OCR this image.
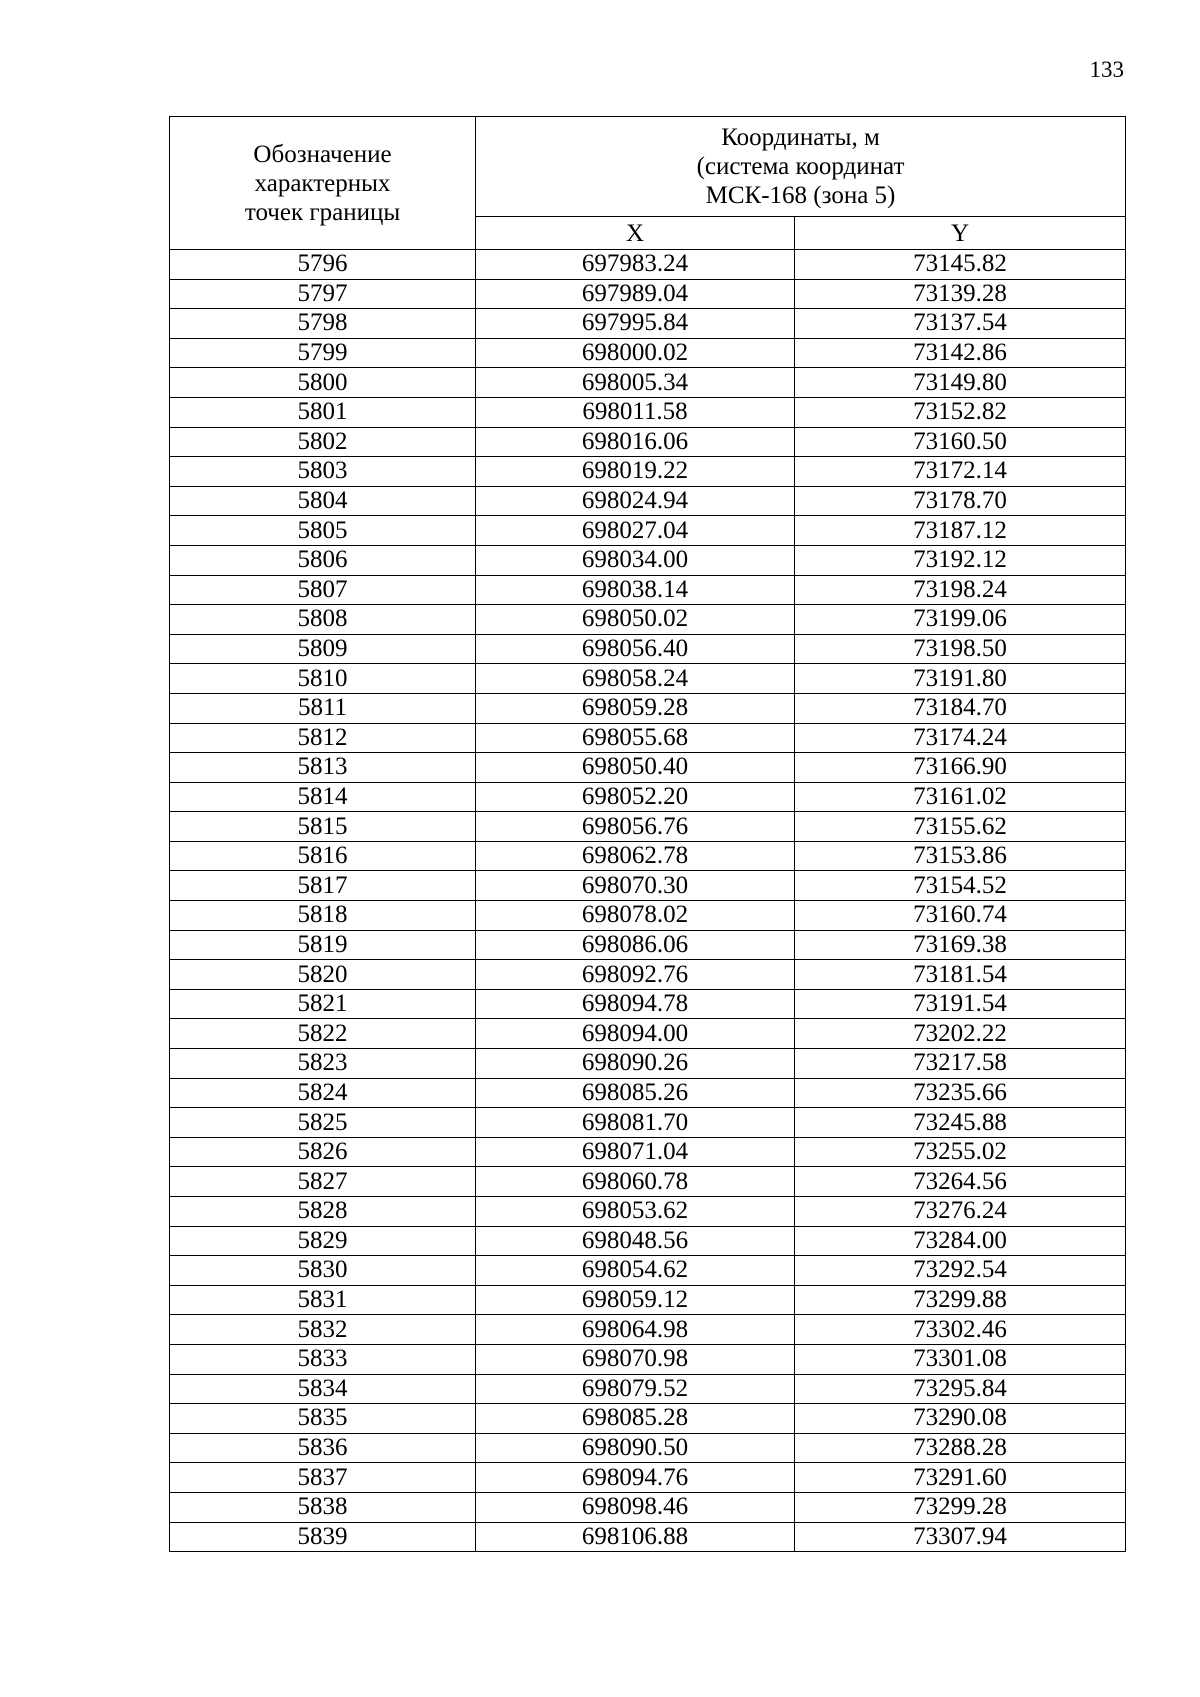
133
Обозначение
характерных
точек границы	Координаты, м
(система координат
МСК-168 (зона 5)	

	X	Y
5796	697983.24	73145.82
5797	697989.04	73139.28
5798	697995.84	73137.54
5799	698000.02	73142.86
5800	698005.34	73149.80
5801	698011.58	73152.82
5802	698016.06	73160.50
5803	698019.22	73172.14
5804	698024.94	73178.70
5805	698027.04	73187.12
5806	698034.00	73192.12
5807	698038.14	73198.24
5808	698050.02	73199.06
5809	698056.40	73198.50
5810	698058.24	73191.80
5811	698059.28	73184.70
5812	698055.68	73174.24
5813	698050.40	73166.90
5814	698052.20	73161.02
5815	698056.76	73155.62
5816	698062.78	73153.86
5817	698070.30	73154.52
5818	698078.02	73160.74
5819	698086.06	73169.38
5820	698092.76	73181.54
5821	698094.78	73191.54
5822	698094.00	73202.22
5823	698090.26	73217.58
5824	698085.26	73235.66
5825	698081.70	73245.88
5826	698071.04	73255.02
5827	698060.78	73264.56
5828	698053.62	73276.24
5829	698048.56	73284.00
5830	698054.62	73292.54
5831	698059.12	73299.88
5832	698064.98	73302.46
5833	698070.98	73301.08
5834	698079.52	73295.84
5835	698085.28	73290.08
5836	698090.50	73288.28
5837	698094.76	73291.60
5838	698098.46	73299.28
5839	698106.88	73307.94
